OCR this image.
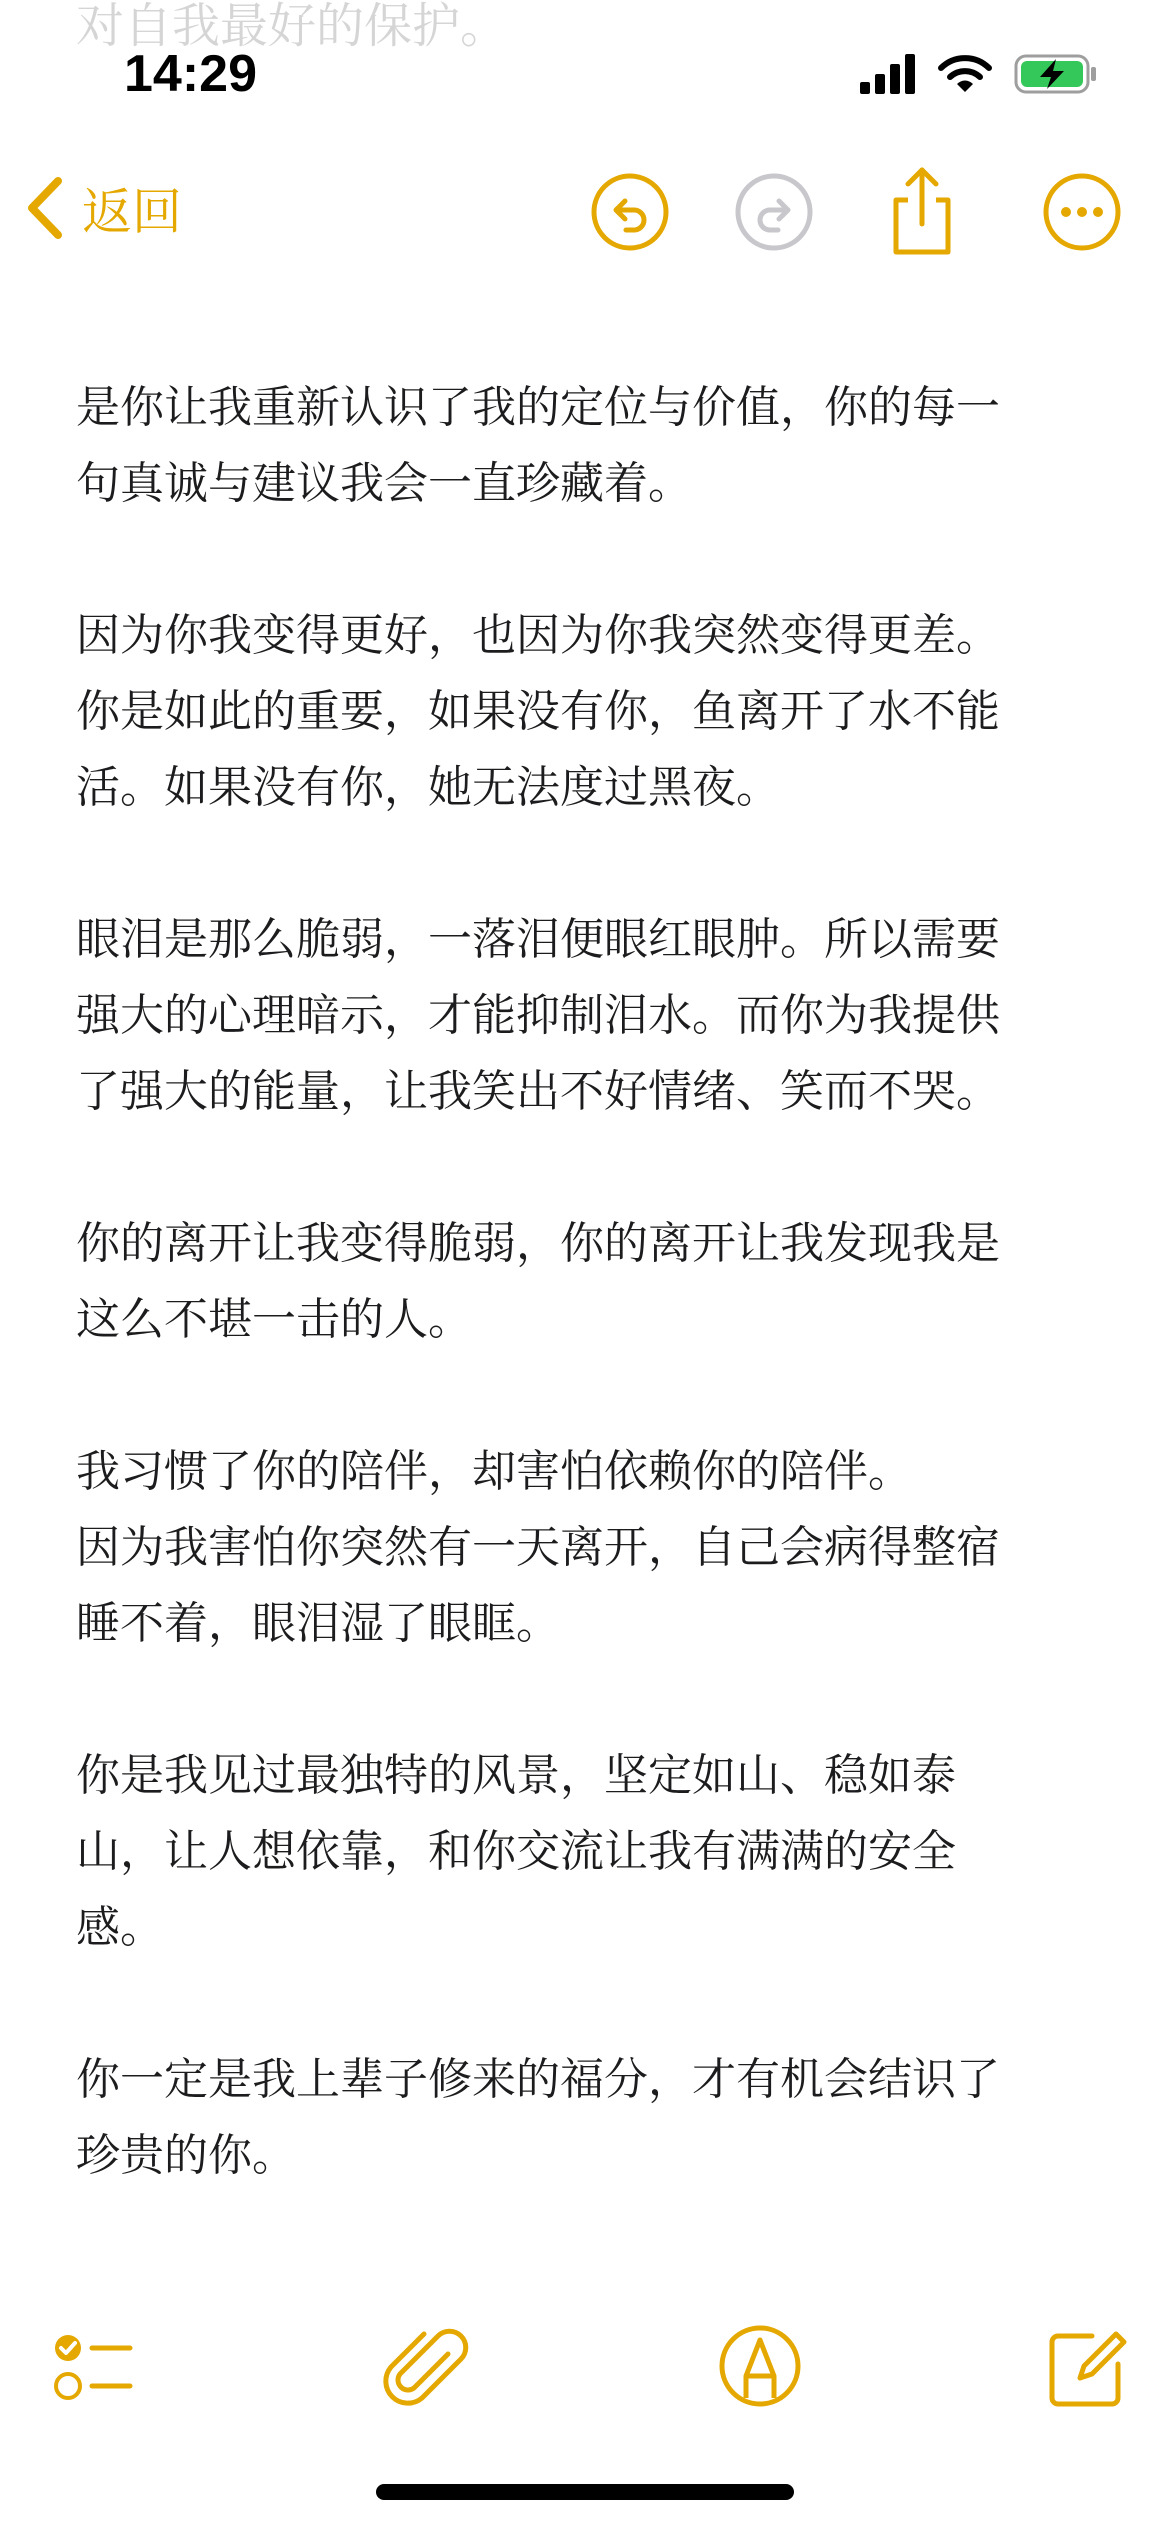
对自我最好的保护。
14:29
返回

是你让我重新认识了我的定位与价值，你的每一
句真诚与建议我会一直珍藏着。

因为你我变得更好，也因为你我突然变得更差。
你是如此的重要，如果没有你，鱼离开了水不能
活。如果没有你，她无法度过黑夜。

眼泪是那么脆弱，一落泪便眼红眼肿。所以需要
强大的心理暗示，才能抑制泪水。而你为我提供
了强大的能量，让我笑出不好情绪、笑而不哭。

你的离开让我变得脆弱，你的离开让我发现我是
这么不堪一击的人。

我习惯了你的陪伴，却害怕依赖你的陪伴。
因为我害怕你突然有一天离开，自己会病得整宿
睡不着，眼泪湿了眼眶。

你是我见过最独特的风景，坚定如山、稳如泰
山，让人想依靠，和你交流让我有满满的安全
感。

你一定是我上辈子修来的福分，才有机会结识了
珍贵的你。
